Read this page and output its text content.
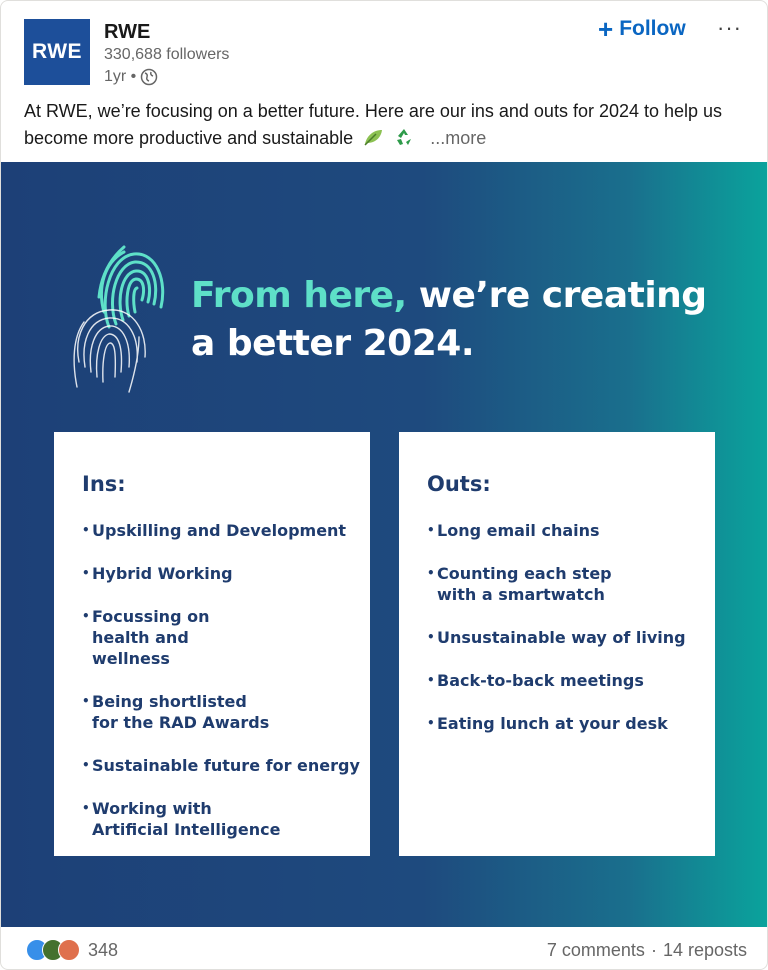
RWE
RWE
330,688 followers
1yr •
+ Follow ···
At RWE, we’re focusing on a better future. Here are our ins and outs for 2024 to help us become more productive and sustainable	...more
From here, we’re creating
a better 2024.
Ins:
• Upskilling and Development
• Hybrid Working
• Focussing on health and wellness
• Being shortlisted for the RAD Awards
• Sustainable future for energy
• Working with Artificial Intelligence
Outs:
• Long email chains
• Counting each step with a smartwatch
• Unsustainable way of living
• Back-to-back meetings
• Eating lunch at your desk
348	7 comments · 14 reposts
